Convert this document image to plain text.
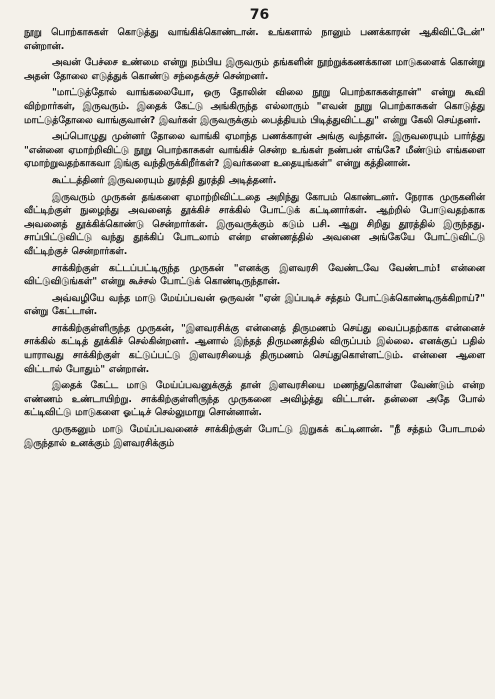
76

நூறு பொற்காசுகள் கொடுத்து வாங்கிக்கொண்டான். உங்களால் நானும் பணக்காரன் ஆகிவிட்டேன்" என்றான்.

அவன் பேச்சை உண்மை என்று நம்பிய இருவரும் தங்களின் நூற்றுக்கணக்கான மாடுகளைக் கொன்று அதன் தோலை எடுத்துக் கொண்டு சந்தைக்குச் சென்றனர்.

"மாட்டுத்தோல் வாங்கலையோ, ஒரு தோலின் விலை நூறு பொற்காசுகள்தான்" என்று கூவி விற்றார்கள், இருவரும். இதைக் கேட்டு அங்கிருந்த எல்லாரும் "எவன் நூறு பொற்காசுகள் கொடுத்து மாட்டுத்தோலை வாங்குவான்? இவர்கள் இருவருக்கும் பைத்தியம் பிடித்துவிட்டது" என்று கேலி செய்தனர்.

அப்பொழுது முன்னர் தோலை வாங்கி ஏமாந்த பணக்காரன் அங்கு வந்தான். இருவரையும் பார்த்து "என்னை ஏமாற்றிவிட்டு நூறு பொற்காசுகள் வாங்கிச் சென்ற உங்கள் நண்பன் எங்கே? மீண்டும் எங்களை ஏமாற்றுவதற்காகவா இங்கு வந்திருக்கிறீர்கள்? இவர்களை உதையுங்கள்" என்று கத்தினான்.

கூட்டத்தினர் இருவரையும் துரத்தி துரத்தி அடித்தனர்.

இருவரும் முருகன் தங்களை ஏமாற்றிவிட்டதை அறிந்து கோபம் கொண்டனர். நேராக முருகனின் வீட்டிற்குள் நுழைந்து அவனைத் தூக்கிச் சாக்கில் போட்டுக் கட்டினார்கள். ஆற்றில் போடுவதற்காக அவனைத் தூக்கிக்கொண்டு சென்றார்கள். இருவருக்கும் கடும் பசி. ஆறு சிறிது தூரத்தில் இருந்தது. சாப்பிட்டுவிட்டு வந்து தூக்கிப் போடலாம் என்ற எண்ணத்தில் அவனை அங்கேயே போட்டுவிட்டு வீட்டிற்குச் சென்றார்கள்.

சாக்கிற்குள் கட்டப்பட்டிருந்த முருகன் "எனக்கு இளவரசி வேண்டவே வேண்டாம்! என்னை விட்டுவிடுங்கள்" என்று கூச்சல் போட்டுக் கொண்டிருந்தான்.

அவ்வழியே வந்த மாடு மேய்ப்பவன் ஒருவன் "ஏன் இப்படிச் சத்தம் போட்டுக்கொண்டிருக்கிறாய்?" என்று கேட்டான்.

சாக்கிற்குள்ளிருந்த முருகன், "இளவரசிக்கு என்னைத் திருமணம் செய்து வைப்பதற்காக என்னைச் சாக்கில் கட்டித் தூக்கிச் செல்கின்றனர். ஆனால் இந்தத் திருமணத்தில் விருப்பம் இல்லை. எனக்குப் பதில் யாராவது சாக்கிற்குள் கட்டுப்பட்டு இளவரசியைத் திருமணம் செய்துகொள்ளட்டும். என்னை ஆளை விட்டால் போதும்" என்றான்.

இதைக் கேட்ட மாடு மேய்ப்பவனுக்குத் தான் இளவரசியை மணந்துகொள்ள வேண்டும் என்ற எண்ணம் உண்டாயிற்று. சாக்கிற்குள்ளிருந்த முருகனை அவிழ்த்து விட்டான். தன்னை அதே போல் கட்டிவிட்டு மாடுகளை ஓட்டிச் செல்லுமாறு சொன்னான்.

முருகனும் மாடு மேய்ப்பவனைச் சாக்கிற்குள் போட்டு இறுகக் கட்டினான். "நீ சத்தம் போடாமல் இருந்தால் உனக்கும் இளவரசிக்கும்
